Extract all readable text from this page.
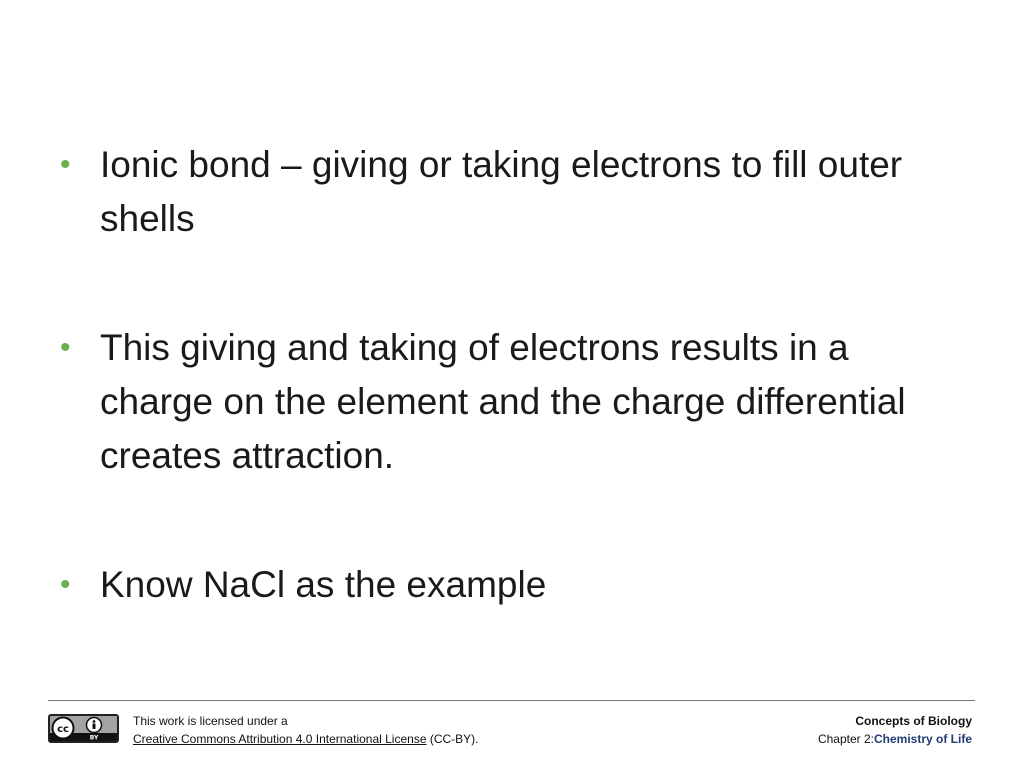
• Ionic bond – giving or taking electrons to fill outer shells
• This giving and taking of electrons results in a charge on the element and the charge differential creates attraction.
• Know NaCl as the example
cc
BY
This work is licensed under a
Creative Commons Attribution 4.0 International License (CC-BY).
Concepts of Biology
Chapter 2:Chemistry of Life
